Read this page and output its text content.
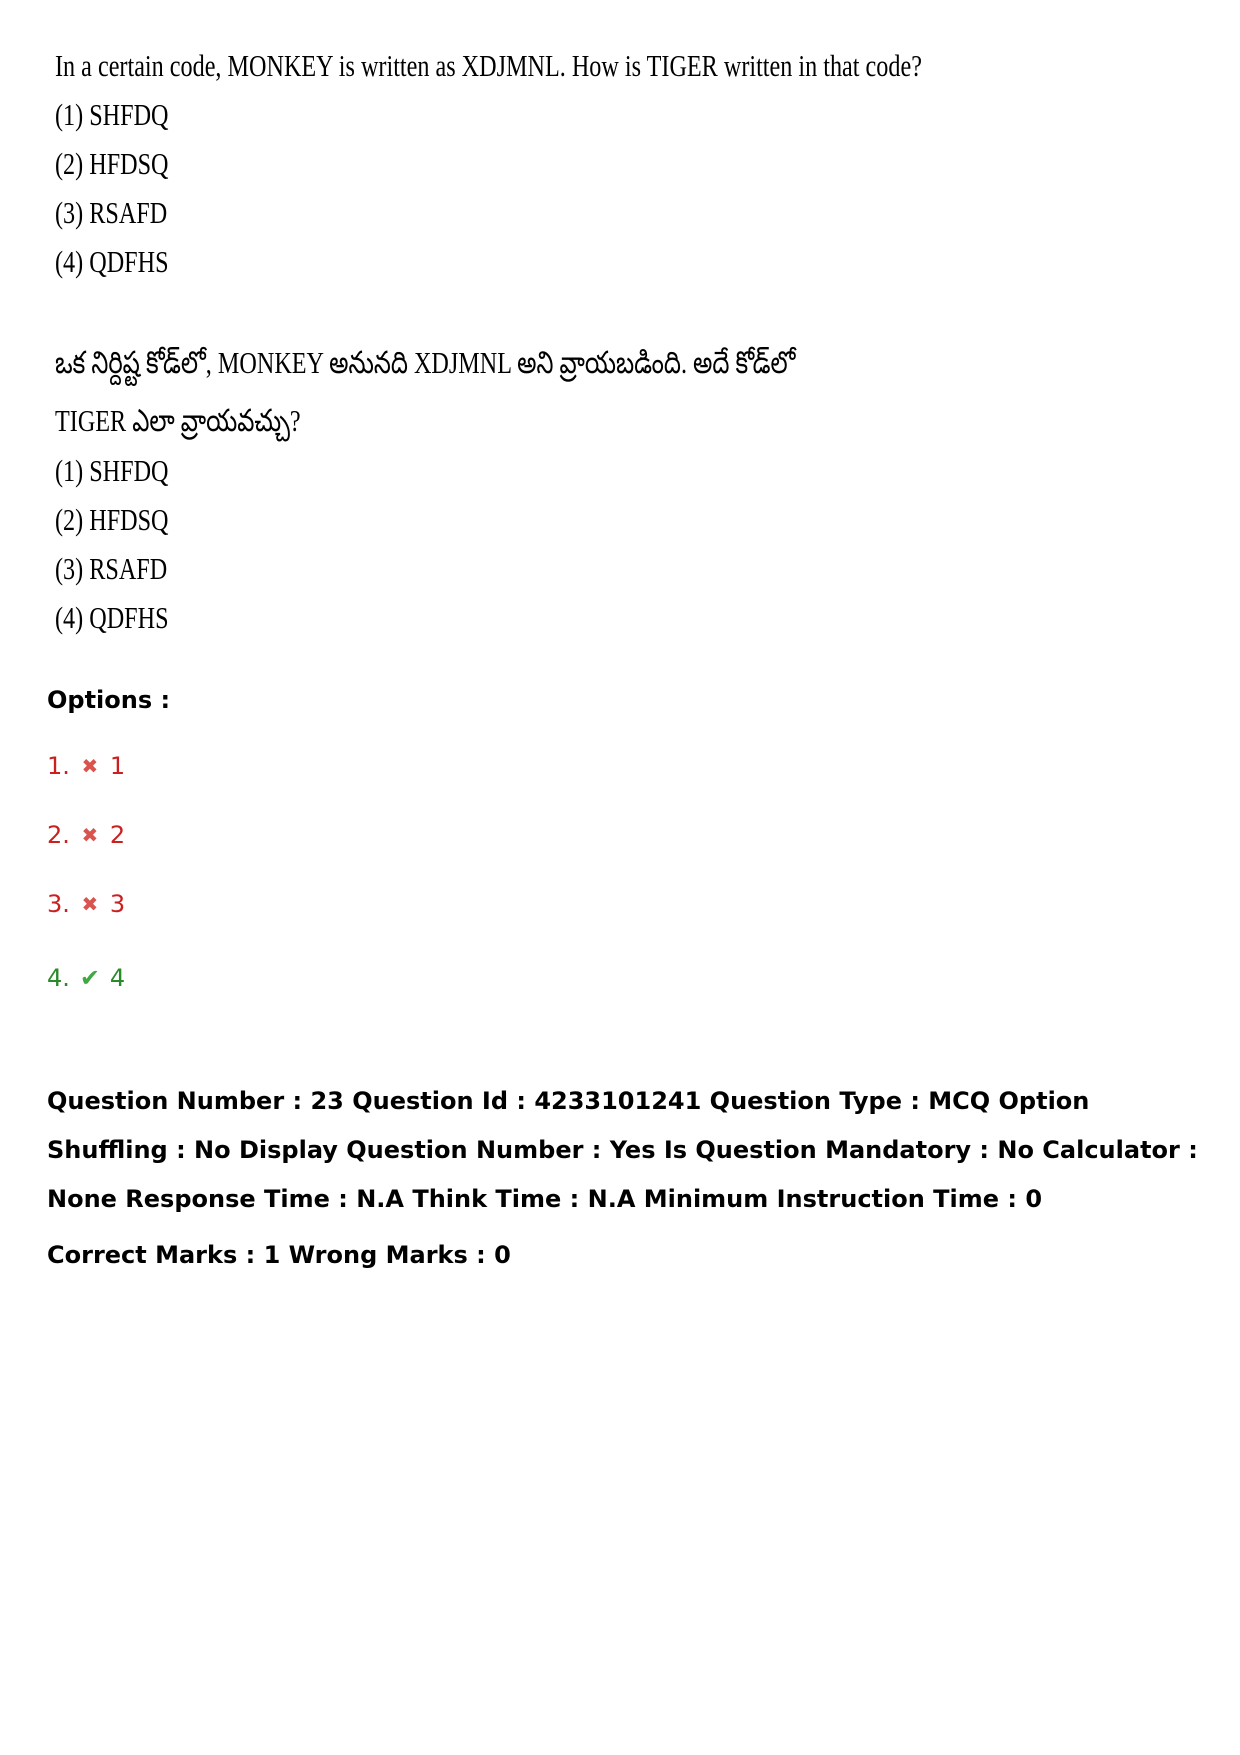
In a certain code, MONKEY is written as XDJMNL. How is TIGER written in that code?
(1) SHFDQ
(2) HFDSQ
(3) RSAFD
(4) QDFHS
ఒక నిర్దిష్ట కోడ్‌లో, MONKEY అనునది XDJMNL అని వ్రాయబడింది. అదే కోడ్‌లో
TIGER ఎలా వ్రాయవచ్చు?
(1) SHFDQ
(2) HFDSQ
(3) RSAFD
(4) QDFHS
Options :
1. ✖ 1
2. ✖ 2
3. ✖ 3
4. ✔ 4
Question Number : 23 Question Id : 4233101241 Question Type : MCQ Option Shuffling : No Display Question Number : Yes Is Question Mandatory : No Calculator : None Response Time : N.A Think Time : N.A Minimum Instruction Time : 0
Correct Marks : 1 Wrong Marks : 0
